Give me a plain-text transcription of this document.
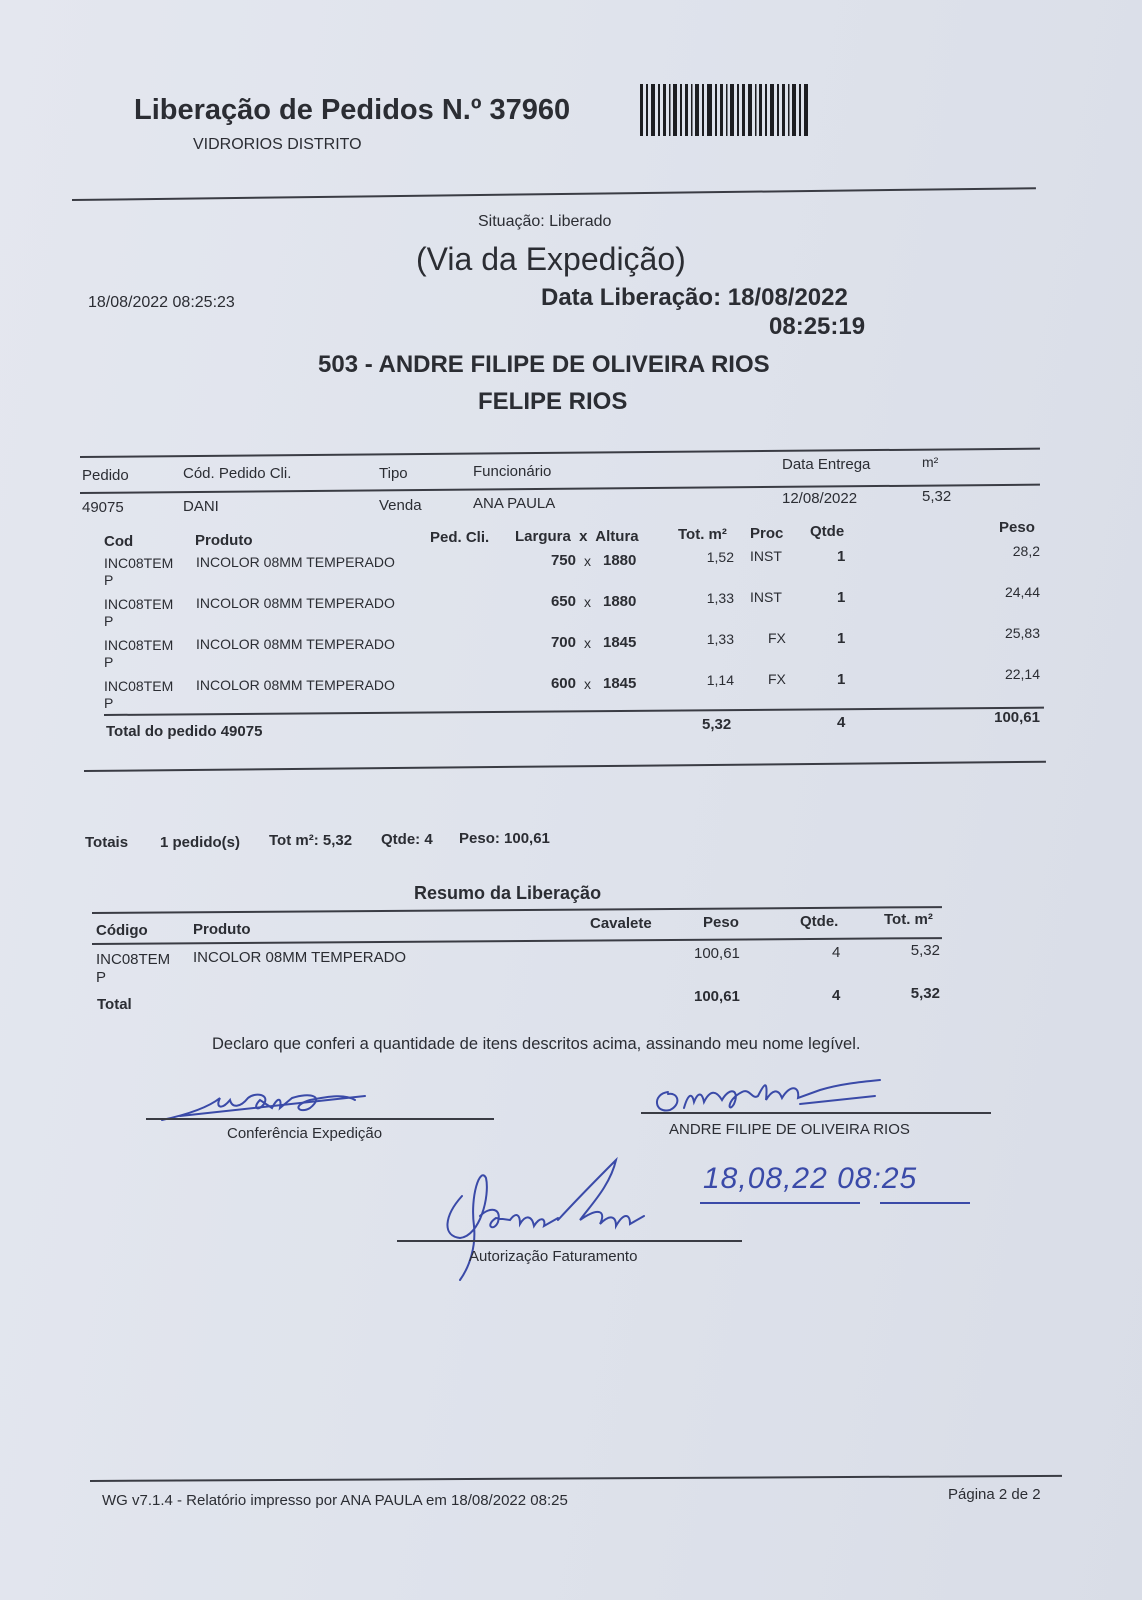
Liberação de Pedidos N.º 37960
VIDRORIOS DISTRITO
Situação: Liberado
(Via da Expedição)
18/08/2022 08:25:23	Data Liberação: 18/08/2022
08:25:19
503 - ANDRE FILIPE DE OLIVEIRA RIOS
FELIPE RIOS
Pedido	Cód. Pedido Cli.	Tipo	Funcionário	Data Entrega	m²
49075	DANI	Venda	ANA PAULA	12/08/2022	5,32
Cod	Produto	Ped. Cli. Largura  x  Altura	Tot. m² Proc Qtde	Peso
INC08TEM
P
INCOLOR 08MM TEMPERADO	750 x 1880	1,52 INST	1	28,2
INC08TEM
P
INCOLOR 08MM TEMPERADO	650 x 1880	1,33 INST	1	24,44
INC08TEM
P
INCOLOR 08MM TEMPERADO	700 x 1845	1,33 FX	1	25,83
INC08TEM
P
INCOLOR 08MM TEMPERADO	600 x 1845	1,14 FX	1	22,14
Total do pedido 49075	5,32	4	100,61
Totais 1 pedido(s) Tot m²: 5,32 Qtde: 4 Peso: 100,61
Resumo da Liberação
Código	Produto	Cavalete	Peso	Qtde.	Tot. m²
INC08TEM
P
INCOLOR 08MM TEMPERADO	100,61	4	5,32
Total	100,61	4	5,32
Declaro que conferi a quantidade de itens descritos acima, assinando meu nome legível.
Conferência Expedição	ANDRE FILIPE DE OLIVEIRA RIOS
18,08,22 08:25
Autorização Faturamento
WG v7.1.4 - Relatório impresso por ANA PAULA em 18/08/2022 08:25	Página 2 de 2
